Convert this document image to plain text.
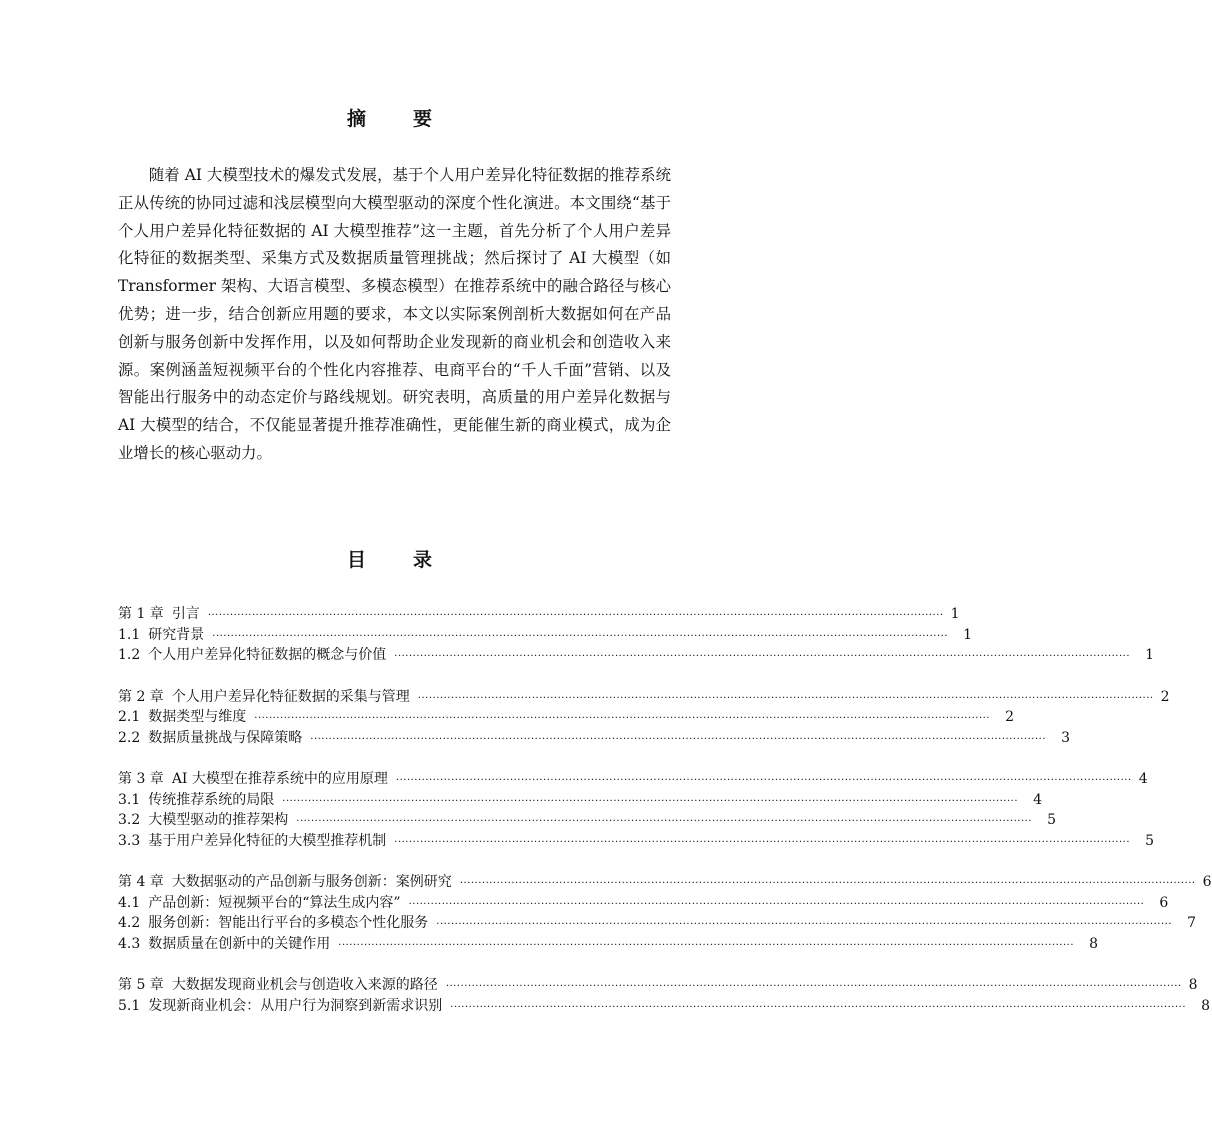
摘　要

随着 AI 大模型技术的爆发式发展，基于个人用户差异化特征数据的推荐系统正从传统的协同过滤和浅层模型向大模型驱动的深度个性化演进。本文围绕“基于个人用户差异化特征数据的 AI 大模型推荐”这一主题，首先分析了个人用户差异化特征的数据类型、采集方式及数据质量管理挑战；然后探讨了 AI 大模型（如 Transformer 架构、大语言模型、多模态模型）在推荐系统中的融合路径与核心优势；进一步，结合创新应用题的要求，本文以实际案例剖析大数据如何在产品创新与服务创新中发挥作用，以及如何帮助企业发现新的商业机会和创造收入来源。案例涵盖短视频平台的个性化内容推荐、电商平台的“千人千面”营销、以及智能出行服务中的动态定价与路线规划。研究表明，高质量的用户差异化数据与 AI 大模型的结合，不仅能显著提升推荐准确性，更能催生新的商业模式，成为企业增长的核心驱动力。

目　录
第 1 章 引言 ········································································································································································································ 1
1.1 研究背景 ········································································································································································································ 1
1.2 个人用户差异化特征数据的概念与价值 ········································································································································································································ 1
第 2 章 个人用户差异化特征数据的采集与管理 ········································································································································································································ 2
2.1 数据类型与维度 ········································································································································································································ 2
2.2 数据质量挑战与保障策略 ········································································································································································································ 3
第 3 章 AI 大模型在推荐系统中的应用原理 ········································································································································································································ 4
3.1 传统推荐系统的局限 ········································································································································································································ 4
3.2 大模型驱动的推荐架构 ········································································································································································································ 5
3.3 基于用户差异化特征的大模型推荐机制 ········································································································································································································ 5
第 4 章 大数据驱动的产品创新与服务创新：案例研究 ········································································································································································································ 6
4.1 产品创新：短视频平台的“算法生成内容” ········································································································································································································ 6
4.2 服务创新：智能出行平台的多模态个性化服务 ········································································································································································································ 7
4.3 数据质量在创新中的关键作用 ········································································································································································································ 8
第 5 章 大数据发现商业机会与创造收入来源的路径 ········································································································································································································ 8
5.1 发现新商业机会：从用户行为洞察到新需求识别 ········································································································································································································ 8
